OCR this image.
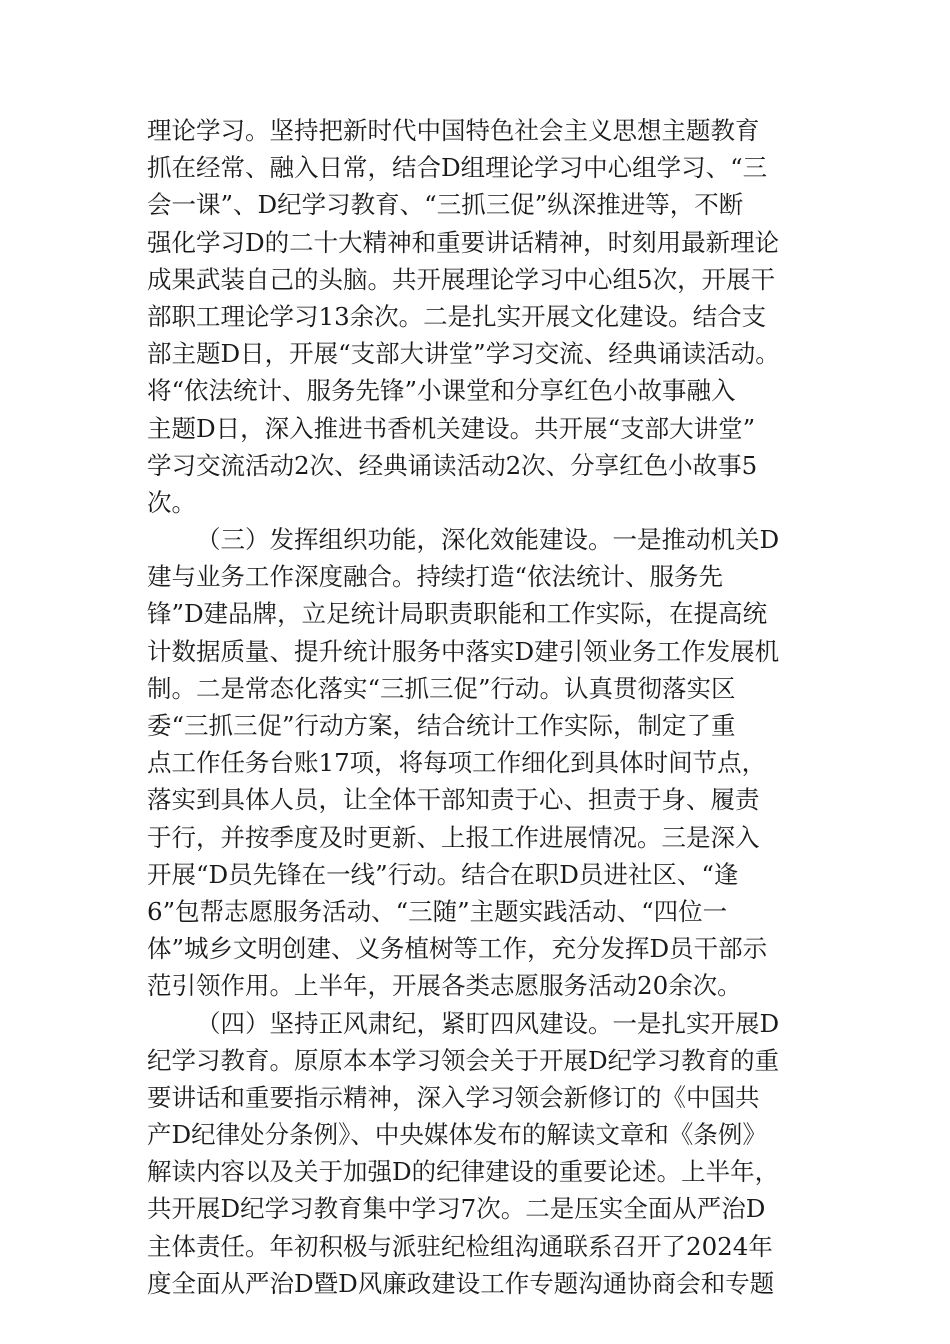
理论学习。坚持把新时代中国特色社会主义思想主题教育
抓在经常、融入日常，结合D组理论学习中心组学习、“三
会一课”、D纪学习教育、“三抓三促”纵深推进等，不断
强化学习D的二十大精神和重要讲话精神，时刻用最新理论
成果武装自己的头脑。共开展理论学习中心组5次，开展干
部职工理论学习13余次。二是扎实开展文化建设。结合支
部主题D日，开展“支部大讲堂”学习交流、经典诵读活动。
将“依法统计、服务先锋”小课堂和分享红色小故事融入
主题D日，深入推进书香机关建设。共开展“支部大讲堂”
学习交流活动2次、经典诵读活动2次、分享红色小故事5
次。
（三）发挥组织功能，深化效能建设。一是推动机关D
建与业务工作深度融合。持续打造“依法统计、服务先
锋”D建品牌，立足统计局职责职能和工作实际，在提高统
计数据质量、提升统计服务中落实D建引领业务工作发展机
制。二是常态化落实“三抓三促”行动。认真贯彻落实区
委“三抓三促”行动方案，结合统计工作实际，制定了重
点工作任务台账17项，将每项工作细化到具体时间节点，
落实到具体人员，让全体干部知责于心、担责于身、履责
于行，并按季度及时更新、上报工作进展情况。三是深入
开展“D员先锋在一线”行动。结合在职D员进社区、“逢
6”包帮志愿服务活动、“三随”主题实践活动、“四位一
体”城乡文明创建、义务植树等工作，充分发挥D员干部示
范引领作用。上半年，开展各类志愿服务活动20余次。
（四）坚持正风肃纪，紧盯四风建设。一是扎实开展D
纪学习教育。原原本本学习领会关于开展D纪学习教育的重
要讲话和重要指示精神，深入学习领会新修订的《中国共
产D纪律处分条例》、中央媒体发布的解读文章和《条例》
解读内容以及关于加强D的纪律建设的重要论述。上半年，
共开展D纪学习教育集中学习7次。二是压实全面从严治D
主体责任。年初积极与派驻纪检组沟通联系召开了2024年
度全面从严治D暨D风廉政建设工作专题沟通协商会和专题
